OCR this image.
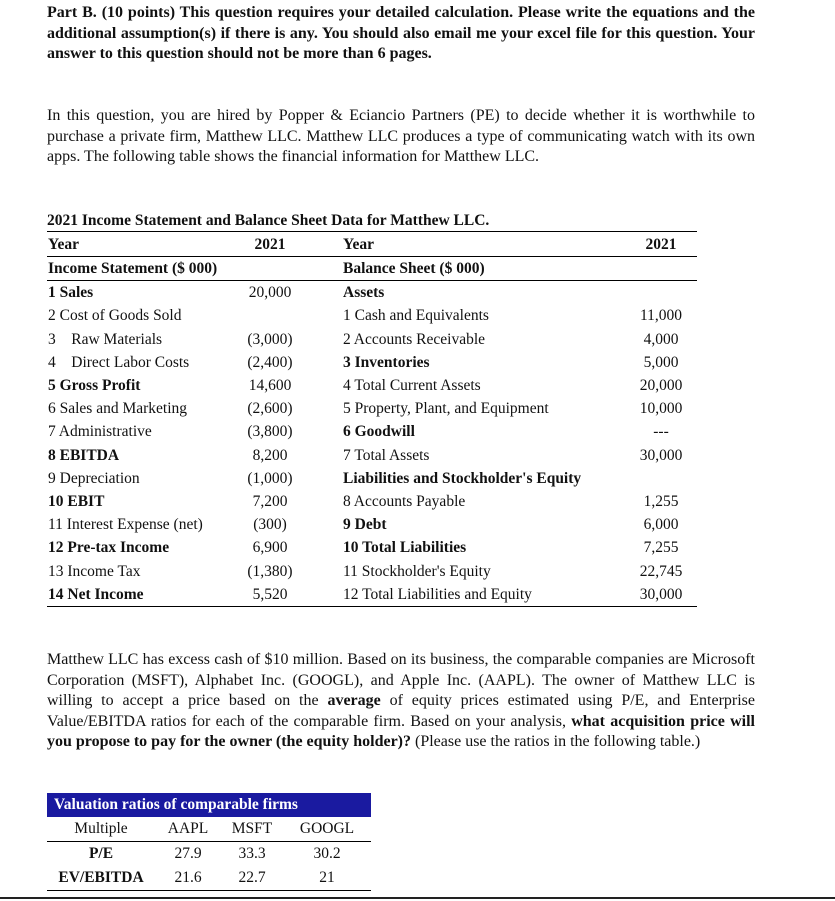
Part B. (10 points) This question requires your detailed calculation. Please write the equations and the additional assumption(s) if there is any. You should also email me your excel file for this question. Your answer to this question should not be more than 6 pages.

In this question, you are hired by Popper & Eciancio Partners (PE) to decide whether it is worthwhile to purchase a private firm, Matthew LLC. Matthew LLC produces a type of communicating watch with its own apps. The following table shows the financial information for Matthew LLC.

2021 Income Statement and Balance Sheet Data for Matthew LLC.
Year	2021		Year	2021
Income Statement ($ 000)			Balance Sheet ($ 000)	
1 Sales	20,000		Assets	
2 Cost of Goods Sold			1 Cash and Equivalents	11,000
3    Raw Materials	(3,000)		2 Accounts Receivable	4,000
4    Direct Labor Costs	(2,400)		3 Inventories	5,000
5 Gross Profit	14,600		4 Total Current Assets	20,000
6 Sales and Marketing	(2,600)		5 Property, Plant, and Equipment	10,000
7 Administrative	(3,800)		6 Goodwill	---
8 EBITDA	8,200		7 Total Assets	30,000
9 Depreciation	(1,000)		Liabilities and Stockholder's Equity	
10 EBIT	7,200		8 Accounts Payable	1,255
11 Interest Expense (net)	(300)		9 Debt	6,000
12 Pre-tax Income	6,900		10 Total Liabilities	7,255
13 Income Tax	(1,380)		11 Stockholder's Equity	22,745
14 Net Income	5,520		12 Total Liabilities and Equity	30,000

Matthew LLC has excess cash of $10 million. Based on its business, the comparable companies are Microsoft Corporation (MSFT), Alphabet Inc. (GOOGL), and Apple Inc. (AAPL). The owner of Matthew LLC is willing to accept a price based on the average of equity prices estimated using P/E, and Enterprise Value/EBITDA ratios for each of the comparable firm. Based on your analysis, what acquisition price will you propose to pay for the owner (the equity holder)? (Please use the ratios in the following table.)

Valuation ratios of comparable firms			
Multiple	AAPL	MSFT	GOOGL
P/E	27.9	33.3	30.2
EV/EBITDA	21.6	22.7	21
